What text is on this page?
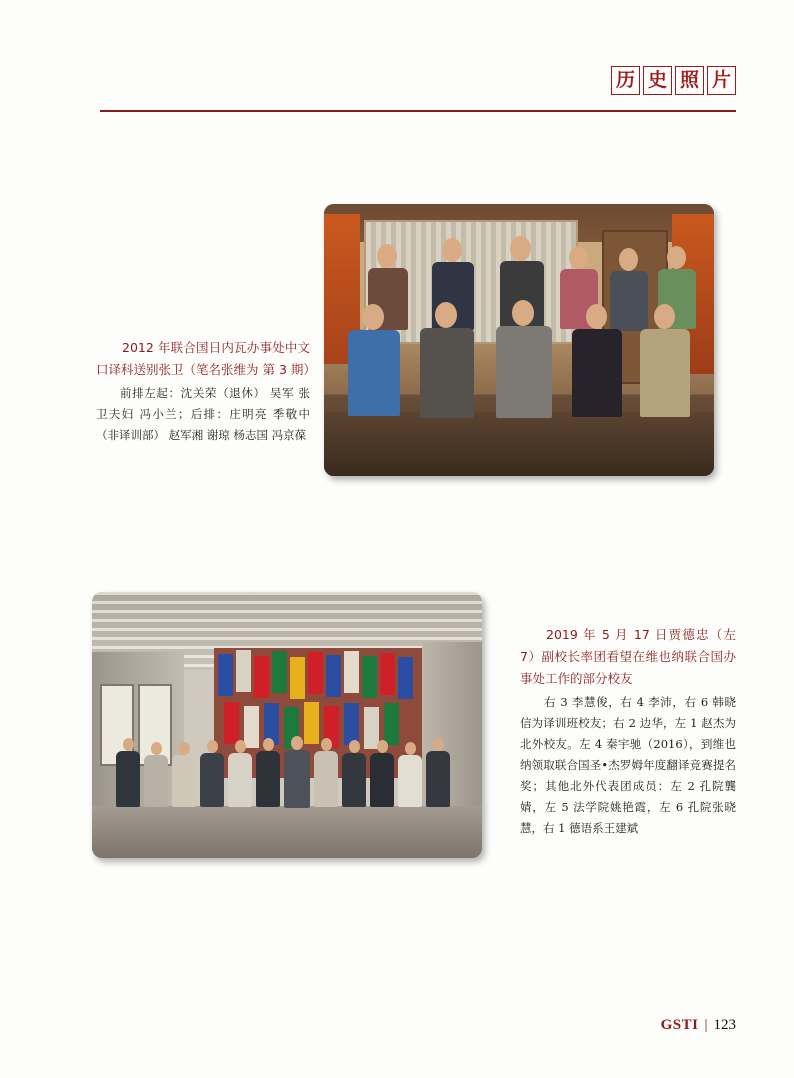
历 史 照 片
2012 年联合国日内瓦办事处中文口译科送别张卫（笔名张维为 第 3 期）
前排左起：沈关荣（退休） 吴军 张卫夫妇 冯小兰；后排：庄明亮 季敬中（非译训部） 赵军湘 谢琼 杨志国 冯京葆
2019 年 5 月 17 日贾德忠（左 7）副校长率团看望在维也纳联合国办事处工作的部分校友
右 3 李慧俊，右 4 李沛，右 6 韩晓信为译训班校友；右 2 边华，左 1 赵杰为北外校友。左 4 秦宇驰（2016），到维也纳领取联合国圣•杰罗姆年度翻译竞赛提名奖；其他北外代表团成员：左 2 孔院龔婧，左 5 法学院姚艳霞，左 6 孔院张晓慧，右 1 德语系王建斌
GSTI | 123
